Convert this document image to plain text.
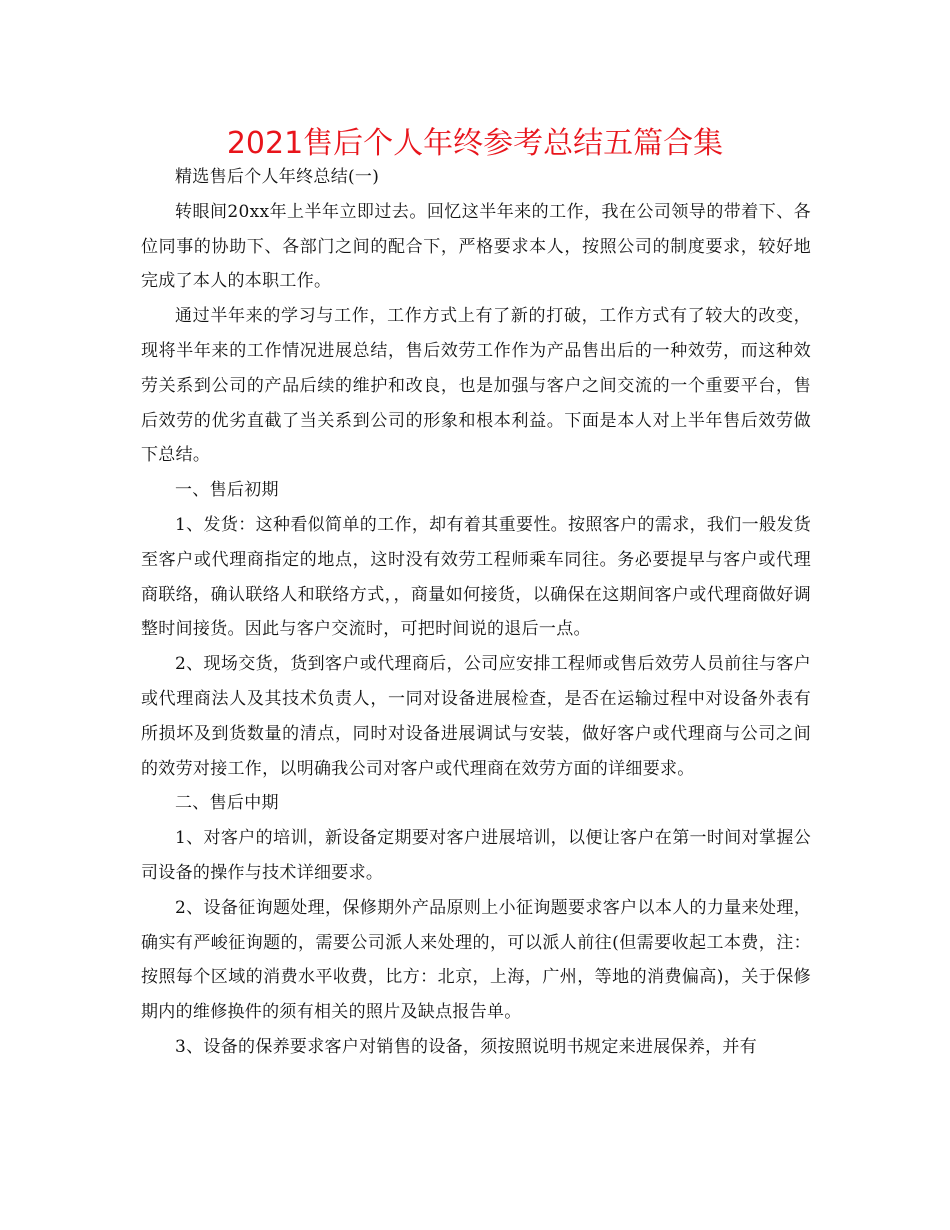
2021售后个人年终参考总结五篇合集

精选售后个人年终总结(一)

转眼间20xx年上半年立即过去。回忆这半年来的工作，我在公司领导的带着下、各位同事的协助下、各部门之间的配合下，严格要求本人，按照公司的制度要求，较好地完成了本人的本职工作。

通过半年来的学习与工作，工作方式上有了新的打破，工作方式有了较大的改变，现将半年来的工作情况进展总结，售后效劳工作作为产品售出后的一种效劳，而这种效劳关系到公司的产品后续的维护和改良，也是加强与客户之间交流的一个重要平台，售后效劳的优劣直截了当关系到公司的形象和根本利益。下面是本人对上半年售后效劳做下总结。

一、售后初期

1、发货：这种看似简单的工作，却有着其重要性。按照客户的需求，我们一般发货至客户或代理商指定的地点，这时没有效劳工程师乘车同往。务必要提早与客户或代理商联络，确认联络人和联络方式，，商量如何接货，以确保在这期间客户或代理商做好调整时间接货。因此与客户交流时，可把时间说的退后一点。

2、现场交货，货到客户或代理商后，公司应安排工程师或售后效劳人员前往与客户或代理商法人及其技术负责人，一同对设备进展检查，是否在运输过程中对设备外表有所损坏及到货数量的清点，同时对设备进展调试与安装，做好客户或代理商与公司之间的效劳对接工作，以明确我公司对客户或代理商在效劳方面的详细要求。

二、售后中期

1、对客户的培训，新设备定期要对客户进展培训，以便让客户在第一时间对掌握公司设备的操作与技术详细要求。

2、设备征询题处理，保修期外产品原则上小征询题要求客户以本人的力量来处理，确实有严峻征询题的，需要公司派人来处理的，可以派人前往(但需要收起工本费，注：按照每个区域的消费水平收费，比方：北京，上海，广州，等地的消费偏高)，关于保修期内的维修换件的须有相关的照片及缺点报告单。

3、设备的保养要求客户对销售的设备，须按照说明书规定来进展保养，并有
